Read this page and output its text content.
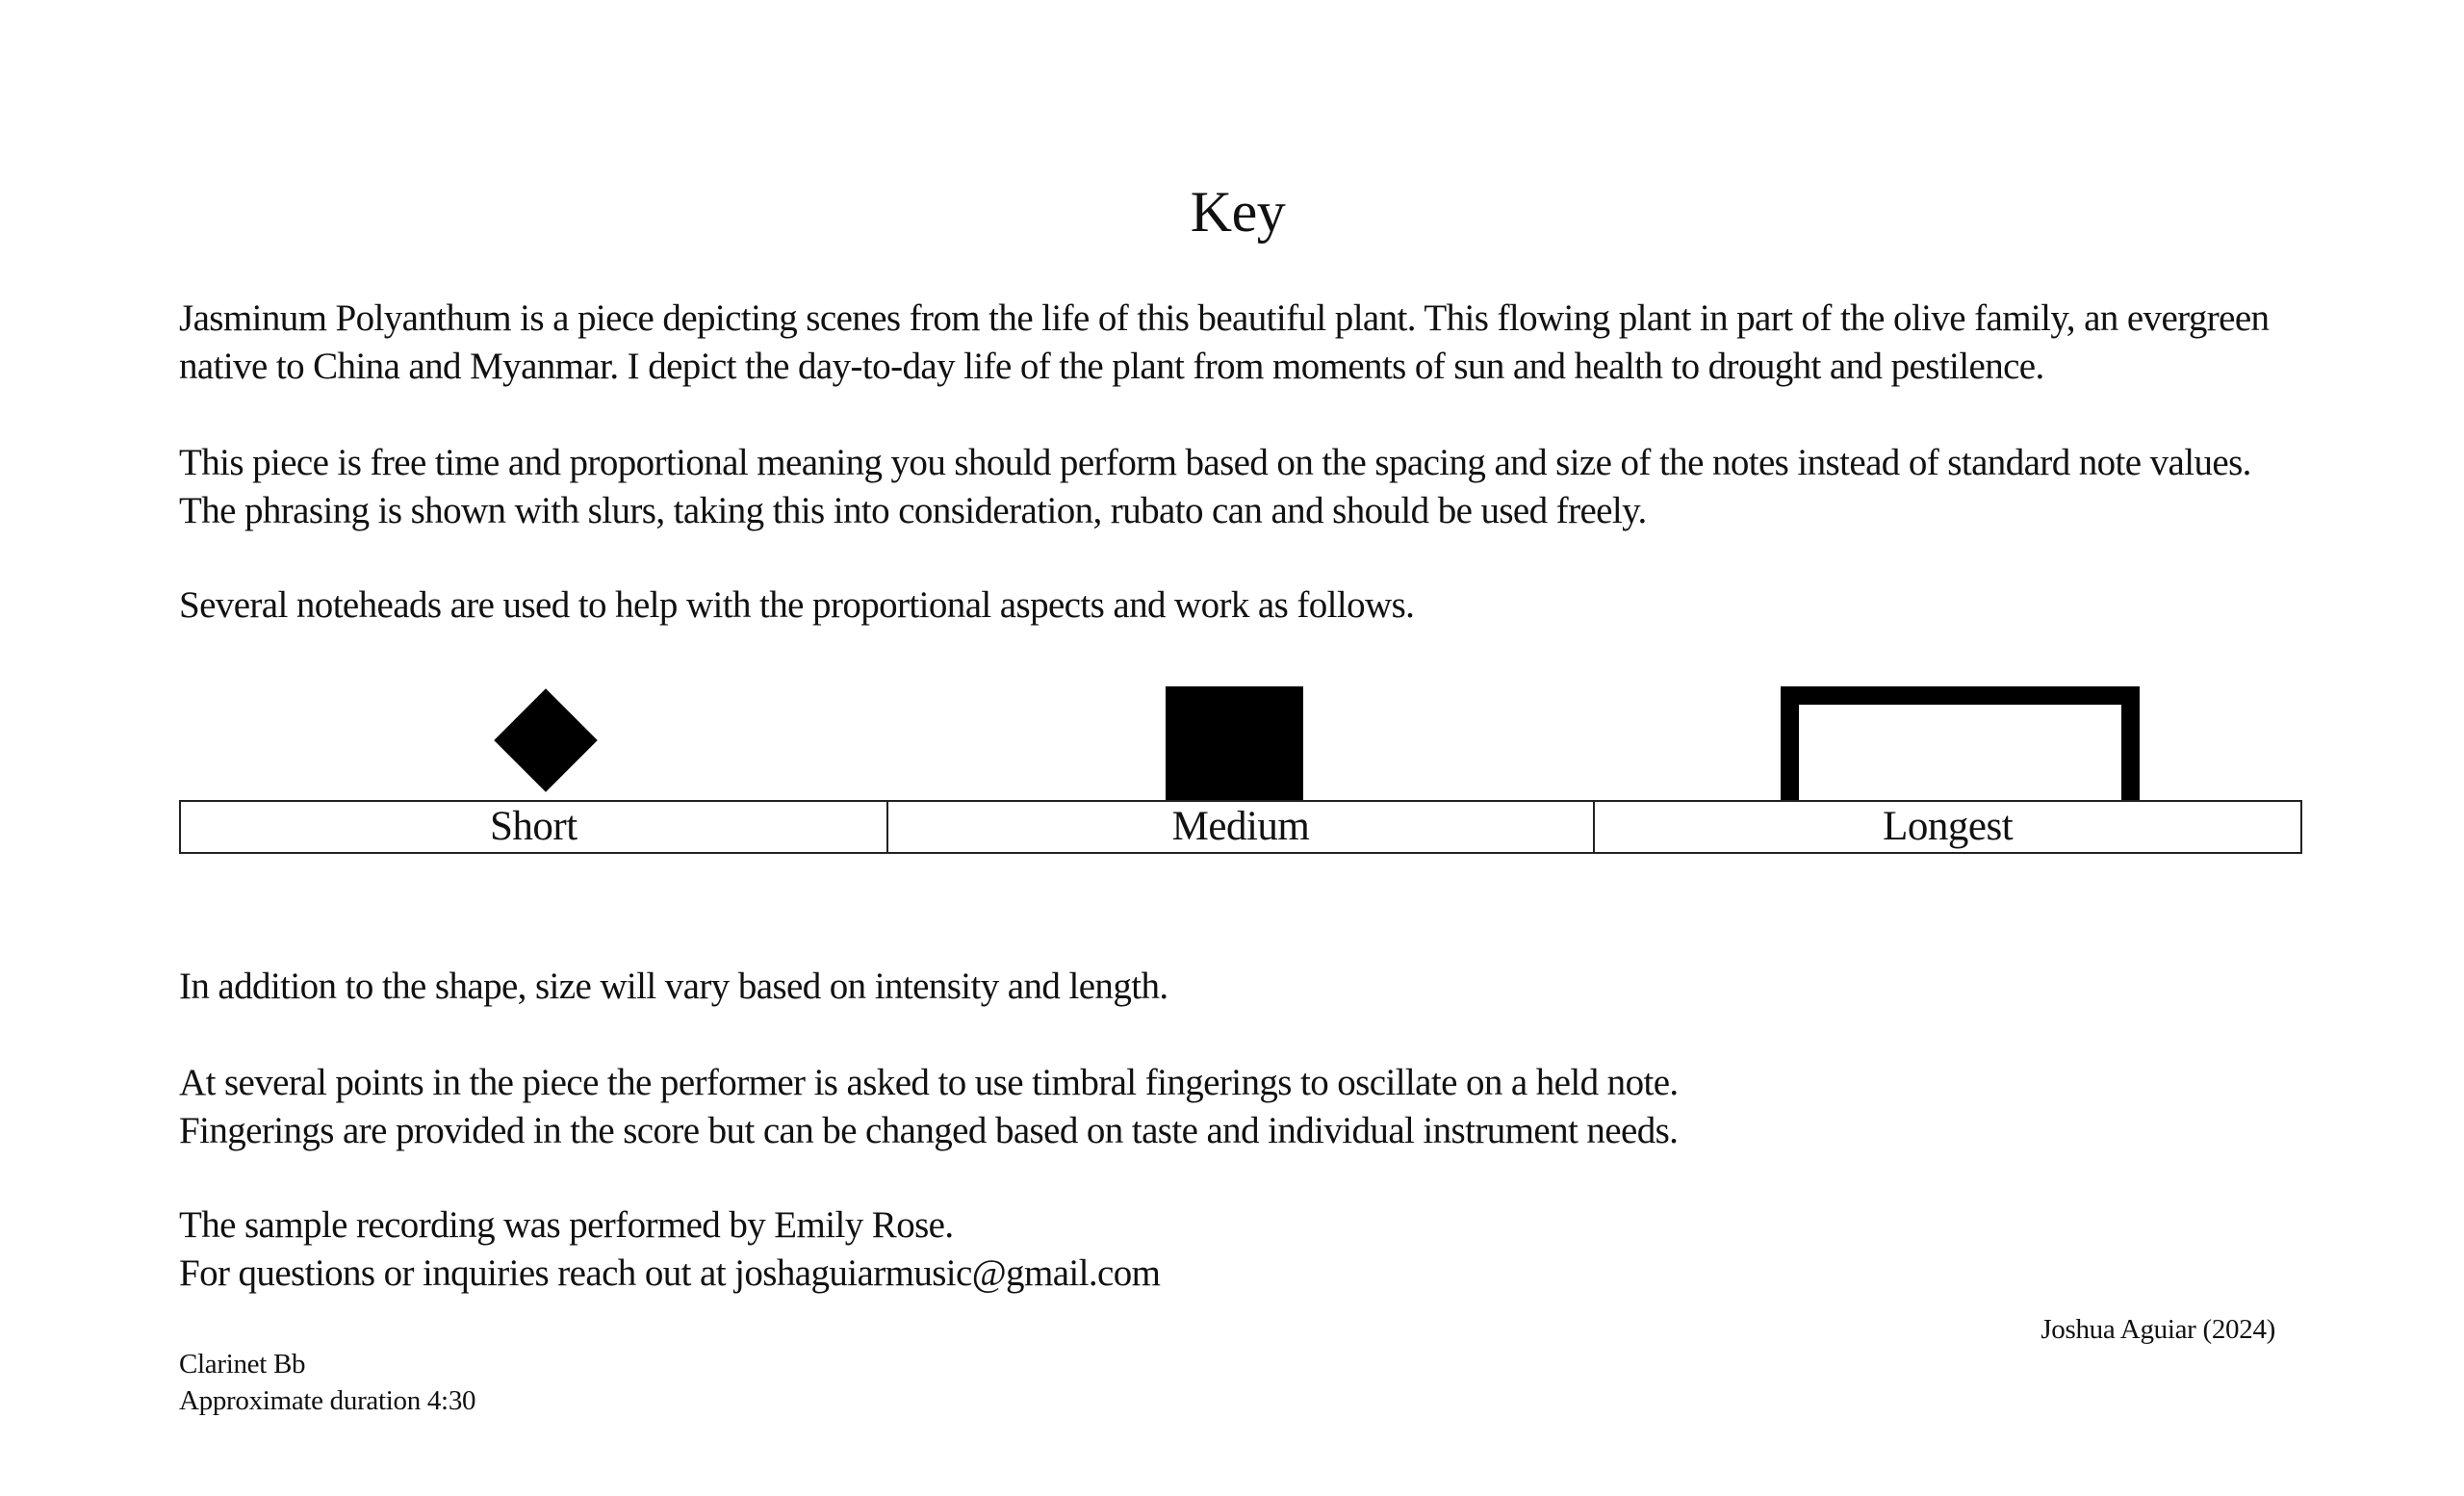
Key
Jasminum Polyanthum is a piece depicting scenes from the life of this beautiful plant. This flowing plant in part of the olive family, an evergreen
native to China and Myanmar. I depict the day-to-day life of the plant from moments of sun and health to drought and pestilence.
This piece is free time and proportional meaning you should perform based on the spacing and size of the notes instead of standard note values.
The phrasing is shown with slurs, taking this into consideration, rubato can and should be used freely.
Several noteheads are used to help with the proportional aspects and work as follows.
Short	Medium	Longest
In addition to the shape, size will vary based on intensity and length.
At several points in the piece the performer is asked to use timbral fingerings to oscillate on a held note.
Fingerings are provided in the score but can be changed based on taste and individual instrument needs.
The sample recording was performed by Emily Rose.
For questions or inquiries reach out at joshaguiarmusic@gmail.com
Joshua Aguiar (2024)
Clarinet Bb
Approximate duration 4:30
